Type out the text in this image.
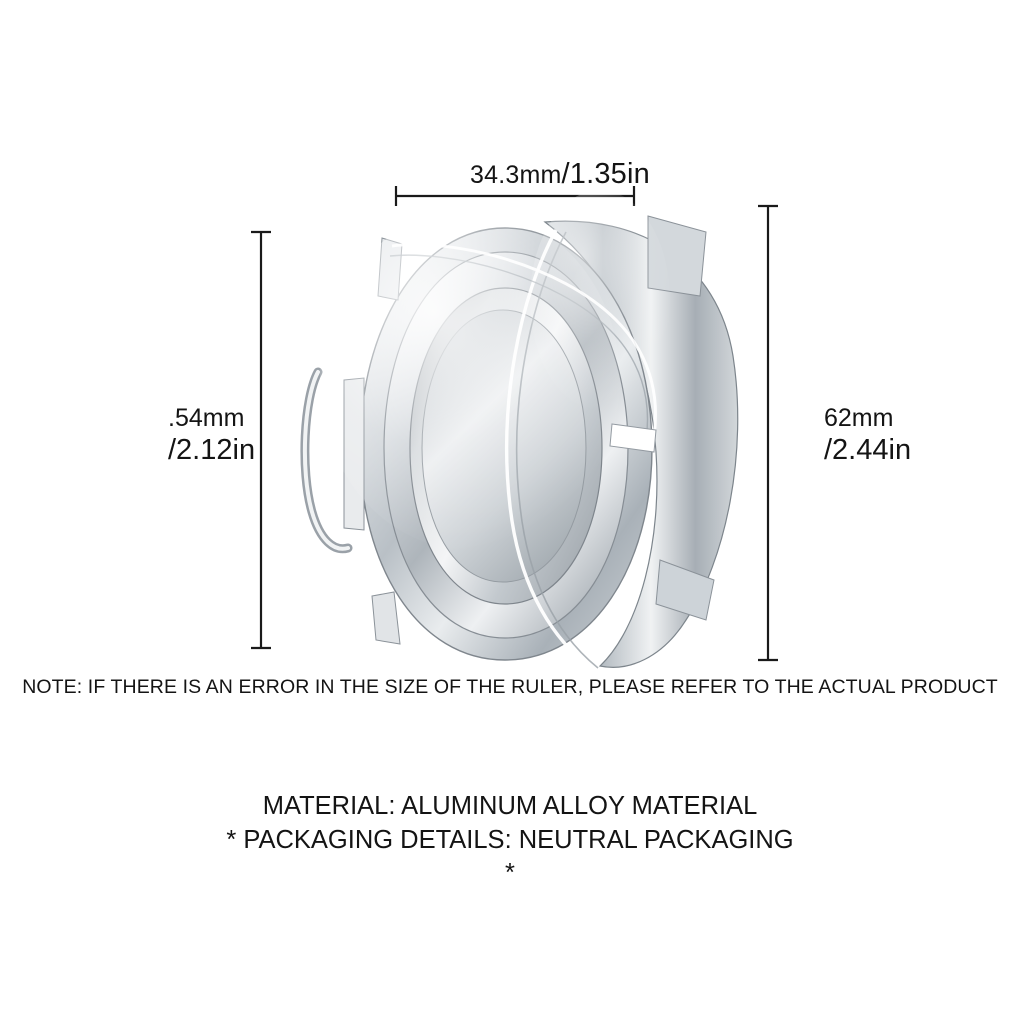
34.3mm/1.35in
.54mm
/2.12in
62mm
/2.44in
NOTE: IF THERE IS AN ERROR IN THE SIZE OF THE RULER, PLEASE REFER TO THE ACTUAL PRODUCT
MATERIAL: ALUMINUM ALLOY MATERIAL
* PACKAGING DETAILS: NEUTRAL PACKAGING
*
